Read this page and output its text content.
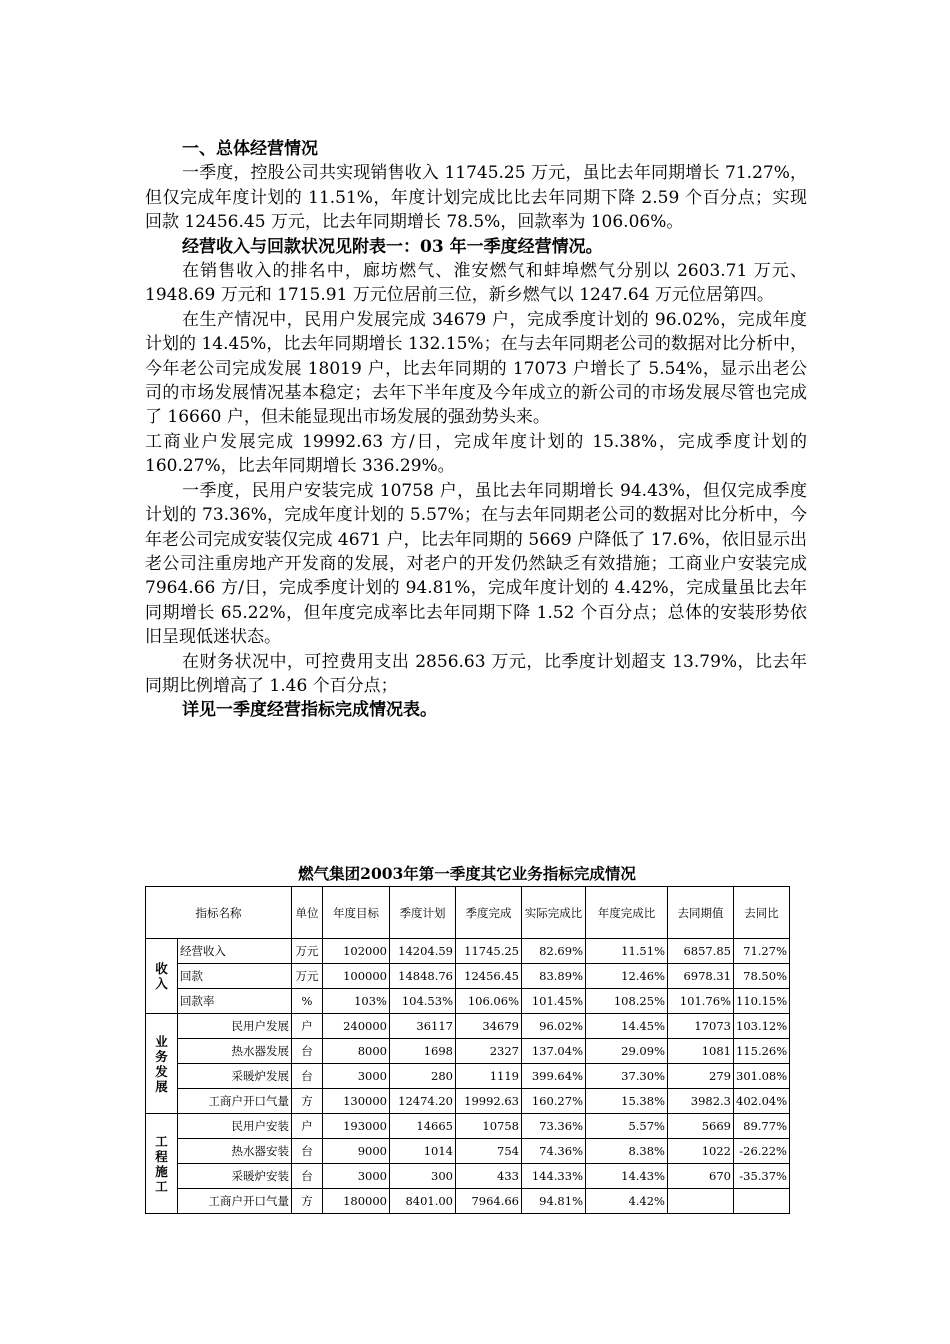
一、总体经营情况

一季度，控股公司共实现销售收入 11745.25 万元，虽比去年同期增长 71.27%，但仅完成年度计划的 11.51%，年度计划完成比比去年同期下降 2.59 个百分点；实现回款 12456.45 万元，比去年同期增长 78.5%，回款率为 106.06%。

经营收入与回款状况见附表一：03 年一季度经营情况。

在销售收入的排名中，廊坊燃气、淮安燃气和蚌埠燃气分别以 2603.71 万元、1948.69 万元和 1715.91 万元位居前三位，新乡燃气以 1247.64 万元位居第四。

在生产情况中，民用户发展完成 34679 户，完成季度计划的 96.02%，完成年度计划的 14.45%，比去年同期增长 132.15%；在与去年同期老公司的数据对比分析中，今年老公司完成发展 18019 户，比去年同期的 17073 户增长了 5.54%，显示出老公司的市场发展情况基本稳定；去年下半年度及今年成立的新公司的市场发展尽管也完成了 16660 户，但未能显现出市场发展的强劲势头来。

工商业户发展完成 19992.63 方/日，完成年度计划的 15.38%，完成季度计划的 160.27%，比去年同期增长 336.29%。

一季度，民用户安装完成 10758 户，虽比去年同期增长 94.43%，但仅完成季度计划的 73.36%，完成年度计划的 5.57%；在与去年同期老公司的数据对比分析中，今年老公司完成安装仅完成 4671 户，比去年同期的 5669 户降低了 17.6%，依旧显示出老公司注重房地产开发商的发展，对老户的开发仍然缺乏有效措施；工商业户安装完成 7964.66 方/日，完成季度计划的 94.81%，完成年度计划的 4.42%，完成量虽比去年同期增长 65.22%，但年度完成率比去年同期下降 1.52 个百分点；总体的安装形势依旧呈现低迷状态。

在财务状况中，可控费用支出 2856.63 万元，比季度计划超支 13.79%，比去年同期比例增高了 1.46 个百分点；

详见一季度经营指标完成情况表。

燃气集团2003年第一季度其它业务指标完成情况
指标名称		单位	年度目标	季度计划	季度完成	实际完成比	年度完成比	去同期值	去同比
收入	经营收入	万元	102000	14204.59	11745.25	82.69%	11.51%	6857.85	71.27%
	回款	万元	100000	14848.76	12456.45	83.89%	12.46%	6978.31	78.50%
	回款率	%	103%	104.53%	106.06%	101.45%	108.25%	101.76%	110.15%
业务发展	民用户发展	户	240000	36117	34679	96.02%	14.45%	17073	103.12%
	热水器发展	台	8000	1698	2327	137.04%	29.09%	1081	115.26%
	采暖炉发展	台	3000	280	1119	399.64%	37.30%	279	301.08%
	工商户开口气量	方	130000	12474.20	19992.63	160.27%	15.38%	3982.3	402.04%
工程施工	民用户安装	户	193000	14665	10758	73.36%	5.57%	5669	89.77%
	热水器安装	台	9000	1014	754	74.36%	8.38%	1022	-26.22%
	采暖炉安装	台	3000	300	433	144.33%	14.43%	670	-35.37%
	工商户开口气量	方	180000	8401.00	7964.66	94.81%	4.42%		
